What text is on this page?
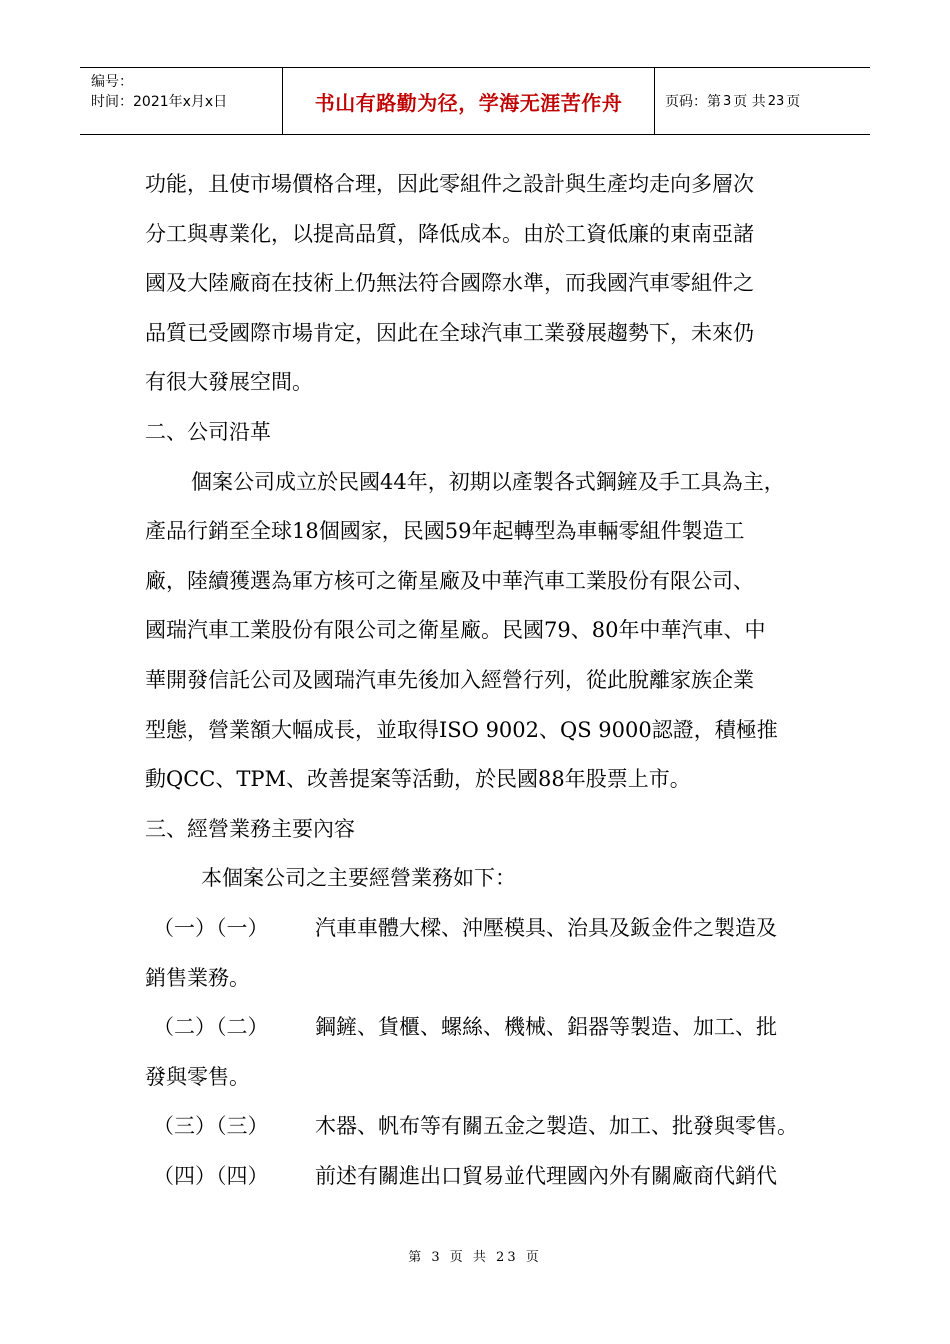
编号：
时间：2021年x月x日	书山有路勤为径，学海无涯苦作舟	页码：第 3 页 共 23 页
功能，且使市場價格合理，因此零組件之設計與生產均走向多層次
分工與專業化，以提高品質，降低成本。由於工資低廉的東南亞諸
國及大陸廠商在技術上仍無法符合國際水準，而我國汽車零組件之
品質已受國際市場肯定，因此在全球汽車工業發展趨勢下，未來仍
有很大發展空間。
二、公司沿革
個案公司成立於民國44年，初期以產製各式鋼鏟及手工具為主，
產品行銷至全球18個國家，民國59年起轉型為車輛零組件製造工
廠，陸續獲選為軍方核可之衛星廠及中華汽車工業股份有限公司、
國瑞汽車工業股份有限公司之衛星廠。民國79、80年中華汽車、中
華開發信託公司及國瑞汽車先後加入經營行列，從此脫離家族企業
型態，營業額大幅成長，並取得ISO 9002、QS 9000認證，積極推
動QCC、TPM、改善提案等活動，於民國88年股票上市。
三、經營業務主要內容
本個案公司之主要經營業務如下：
（一）（一）	汽車車體大樑、沖壓模具、治具及鈑金件之製造及
銷售業務。
（二）（二）	鋼鏟、貨櫃、螺絲、機械、鋁器等製造、加工、批
發與零售。
（三）（三）	木器、帆布等有關五金之製造、加工、批發與零售。
（四）（四）	前述有關進出口貿易並代理國內外有關廠商代銷代
第 3 页 共 23 页
